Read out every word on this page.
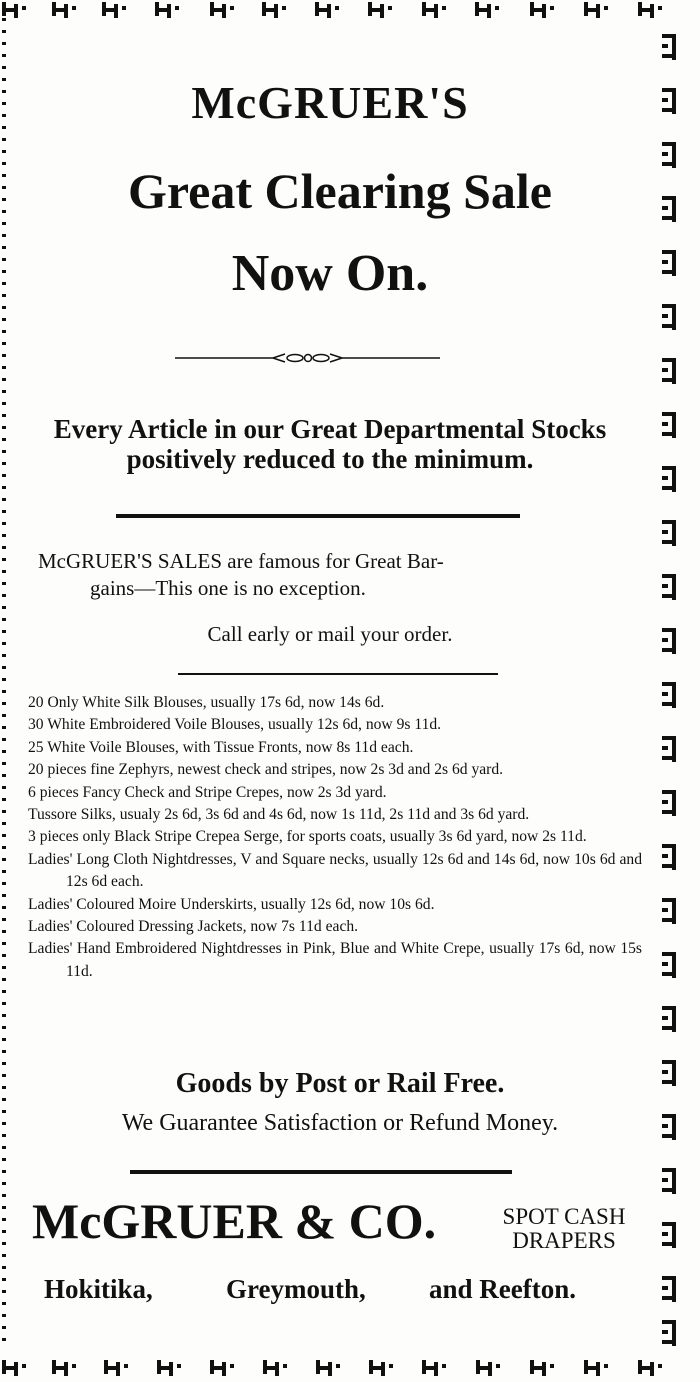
McGRUER'S
Great Clearing Sale
Now On.
Every Article in our Great Departmental Stocks
positively reduced to the minimum.
McGRUER'S SALES are famous for Great Bar-
gains—This one is no exception.
Call early or mail your order.
20 Only White Silk Blouses, usually 17s 6d, now 14s 6d.
30 White Embroidered Voile Blouses, usually 12s 6d, now 9s 11d.
25 White Voile Blouses, with Tissue Fronts, now 8s 11d each.
20 pieces fine Zephyrs, newest check and stripes, now 2s 3d and 2s 6d yard.
6 pieces Fancy Check and Stripe Crepes, now 2s 3d yard.
Tussore Silks, usualy 2s 6d, 3s 6d and 4s 6d, now 1s 11d, 2s 11d and 3s 6d yard.
3 pieces only Black Stripe Crepea Serge, for sports coats, usually 3s 6d yard, now 2s 11d.
Ladies' Long Cloth Nightdresses, V and Square necks, usually 12s 6d and 14s 6d, now 10s 6d and 12s 6d each.
Ladies' Coloured Moire Underskirts, usually 12s 6d, now 10s 6d.
Ladies' Coloured Dressing Jackets, now 7s 11d each.
Ladies' Hand Embroidered Nightdresses in Pink, Blue and White Crepe, usually 17s 6d, now 15s 11d.
Goods by Post or Rail Free.
We Guarantee Satisfaction or Refund Money.
McGRUER & CO.	SPOT CASH
DRAPERS
Hokitika,	Greymouth, and Reefton.
